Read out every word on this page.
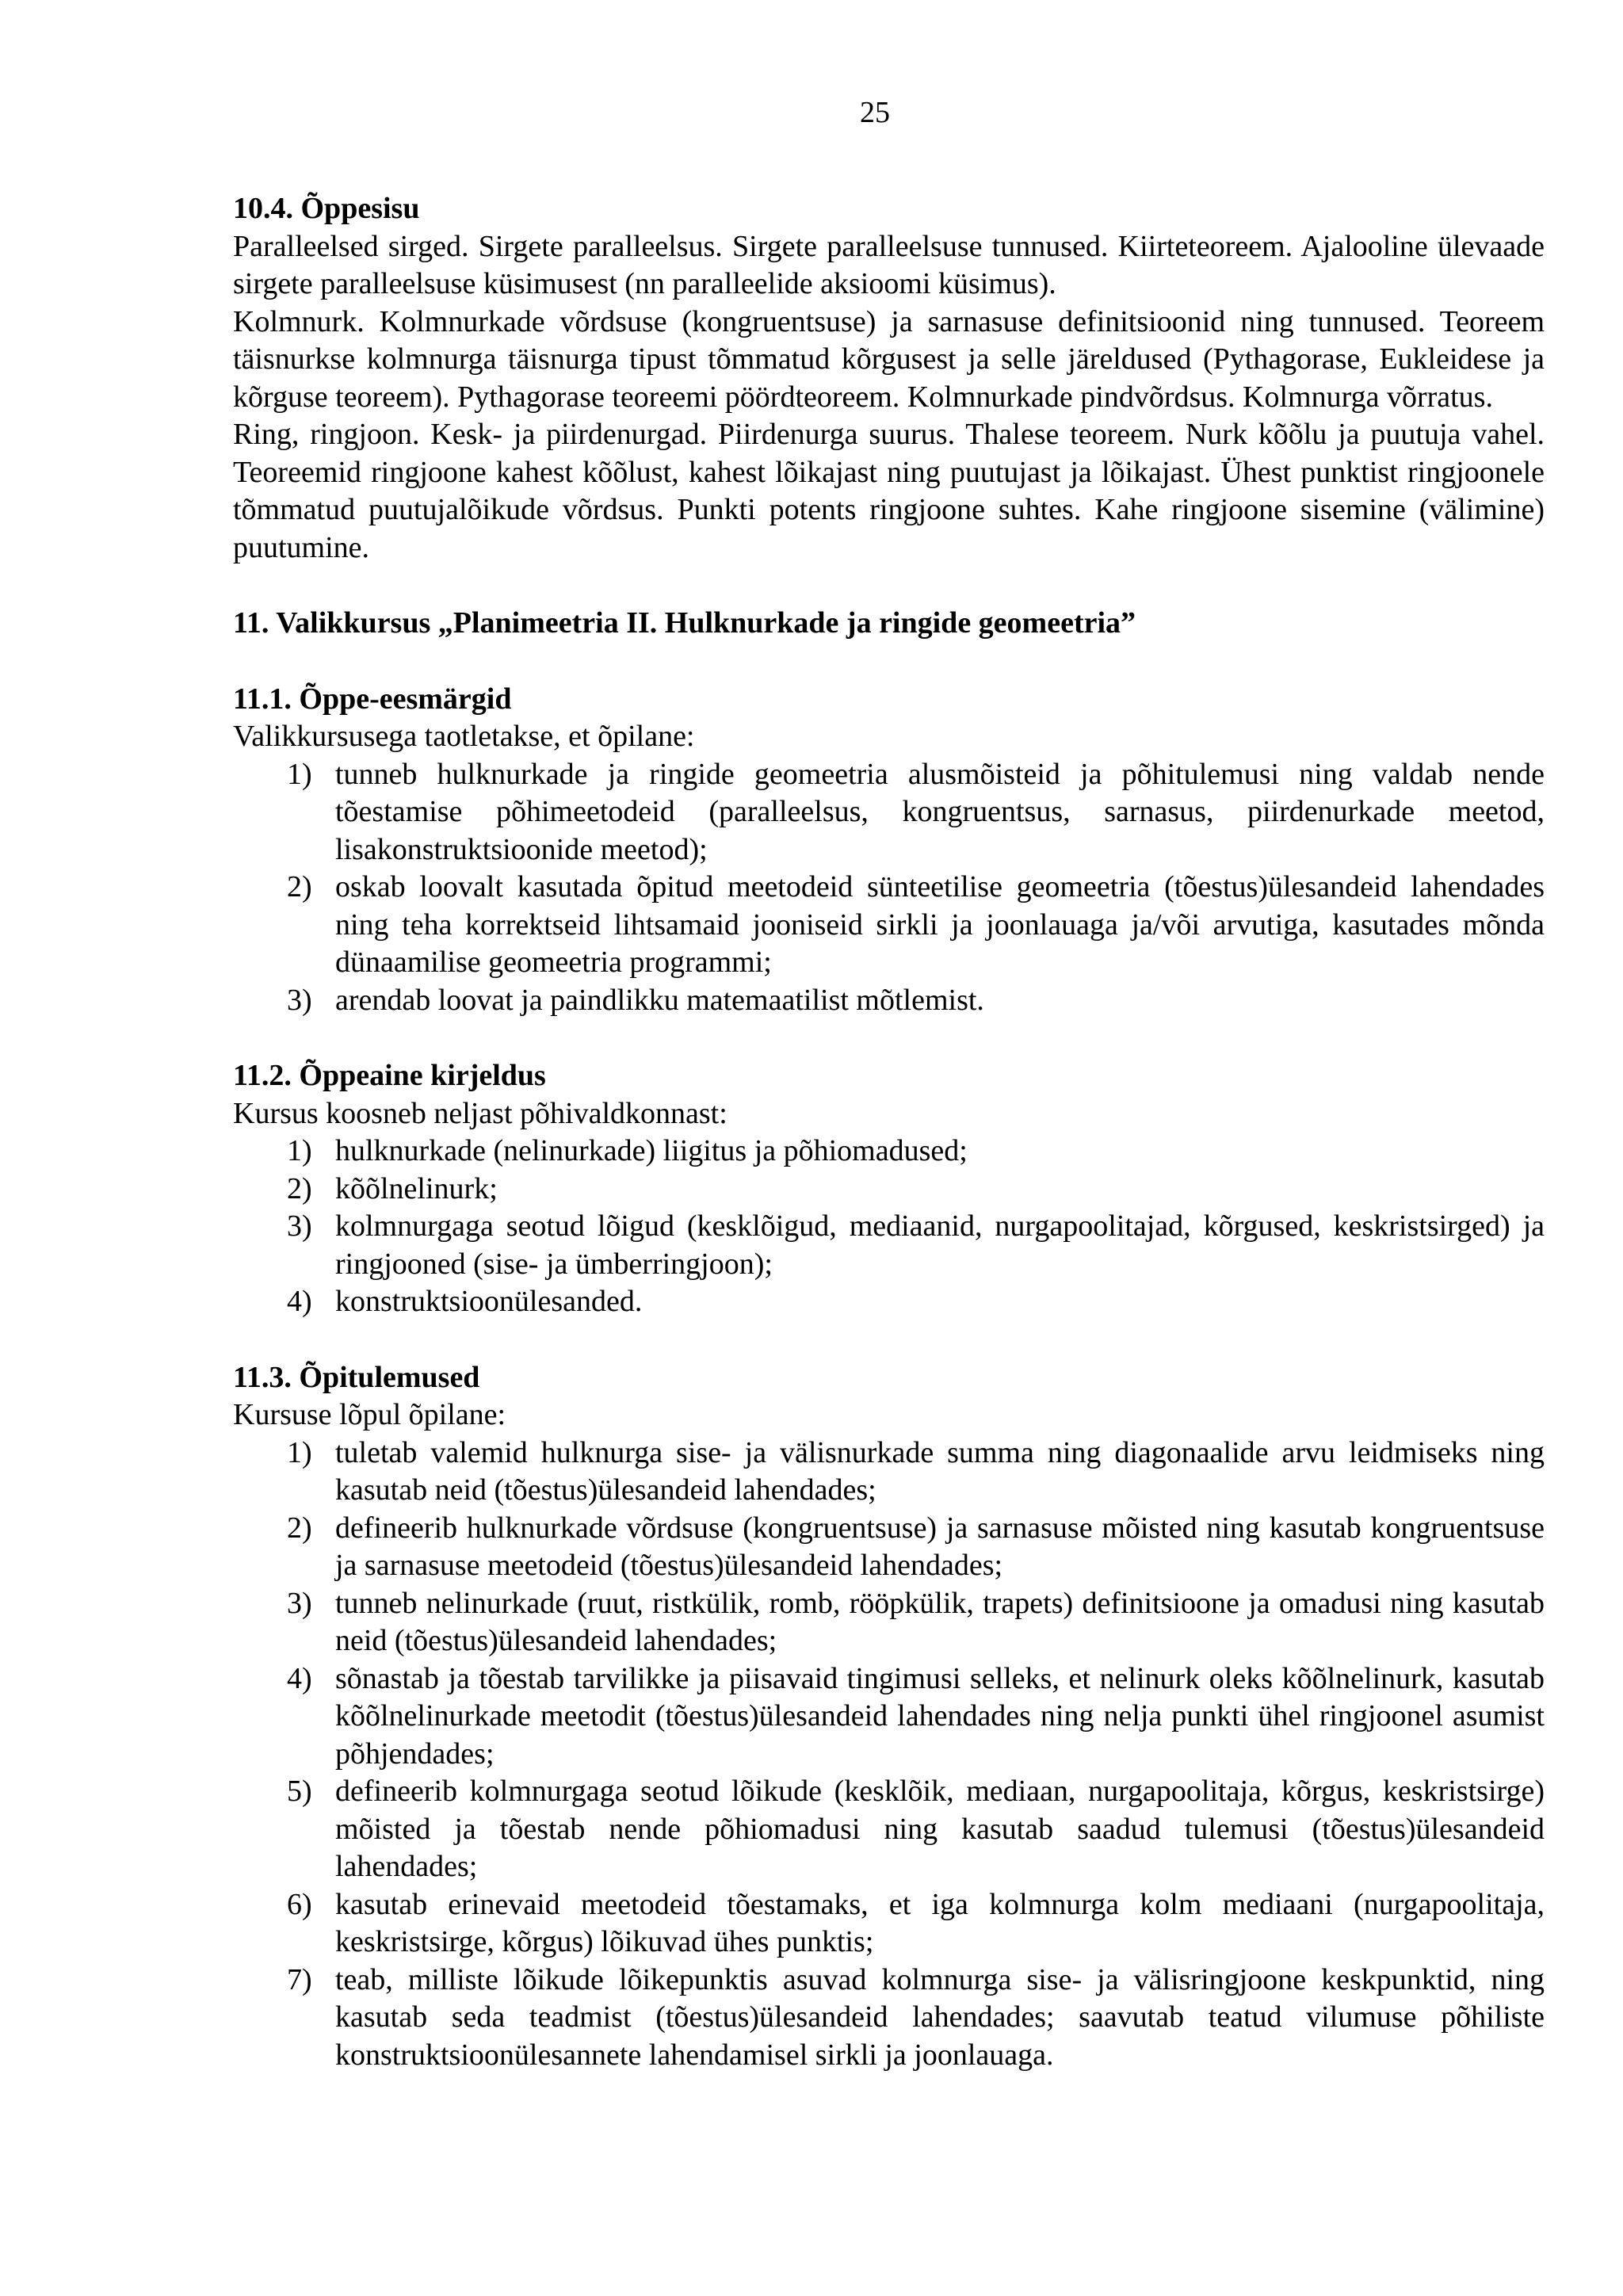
25
10.4. Õppesisu

Paralleelsed sirged. Sirgete paralleelsus. Sirgete paralleelsuse tunnused. Kiirteteoreem. Ajalooline ülevaade sirgete paralleelsuse küsimusest (nn paralleelide aksioomi küsimus).

Kolmnurk. Kolmnurkade võrdsuse (kongruentsuse) ja sarnasuse definitsioonid ning tunnused. Teoreem täisnurkse kolmnurga täisnurga tipust tõmmatud kõrgusest ja selle järeldused (Pythagorase, Eukleidese ja kõrguse teoreem). Pythagorase teoreemi pöördteoreem. Kolmnurkade pindvõrdsus. Kolmnurga võrratus.

Ring, ringjoon. Kesk- ja piirdenurgad. Piirdenurga suurus. Thalese teoreem. Nurk kõõlu ja puutuja vahel. Teoreemid ringjoone kahest kõõlust, kahest lõikajast ning puutujast ja lõikajast. Ühest punktist ringjoonele tõmmatud puutujalõikude võrdsus. Punkti potents ringjoone suhtes. Kahe ringjoone sisemine (välimine) puutumine.

11. Valikkursus „Planimeetria II. Hulknurkade ja ringide geomeetria”
11.1. Õppe-eesmärgid

Valikkursusega taotletakse, et õpilane:

1) tunneb hulknurkade ja ringide geomeetria alusmõisteid ja põhitulemusi ning valdab nende tõestamise põhimeetodeid (paralleelsus, kongruentsus, sarnasus, piirdenurkade meetod, lisakonstruktsioonide meetod);
2) oskab loovalt kasutada õpitud meetodeid sünteetilise geomeetria (tõestus)ülesandeid lahendades ning teha korrektseid lihtsamaid jooniseid sirkli ja joonlauaga ja/või arvutiga, kasutades mõnda dünaamilise geomeetria programmi;
3) arendab loovat ja paindlikku matemaatilist mõtlemist.
11.2. Õppeaine kirjeldus

Kursus koosneb neljast põhivaldkonnast:

1) hulknurkade (nelinurkade) liigitus ja põhiomadused;
2) kõõlnelinurk;
3) kolmnurgaga seotud lõigud (kesklõigud, mediaanid, nurgapoolitajad, kõrgused, keskristsirged) ja ringjooned (sise- ja ümberringjoon);
4) konstruktsioonülesanded.
11.3. Õpitulemused

Kursuse lõpul õpilane:

1) tuletab valemid hulknurga sise- ja välisnurkade summa ning diagonaalide arvu leidmiseks ning kasutab neid (tõestus)ülesandeid lahendades;
2) defineerib hulknurkade võrdsuse (kongruentsuse) ja sarnasuse mõisted ning kasutab kongruentsuse ja sarnasuse meetodeid (tõestus)ülesandeid lahendades;
3) tunneb nelinurkade (ruut, ristkülik, romb, rööpkülik, trapets) definitsioone ja omadusi ning kasutab neid (tõestus)ülesandeid lahendades;
4) sõnastab ja tõestab tarvilikke ja piisavaid tingimusi selleks, et nelinurk oleks kõõlnelinurk, kasutab kõõlnelinurkade meetodit (tõestus)ülesandeid lahendades ning nelja punkti ühel ringjoonel asumist põhjendades;
5) defineerib kolmnurgaga seotud lõikude (kesklõik, mediaan, nurgapoolitaja, kõrgus, keskristsirge) mõisted ja tõestab nende põhiomadusi ning kasutab saadud tulemusi (tõestus)ülesandeid lahendades;
6) kasutab erinevaid meetodeid tõestamaks, et iga kolmnurga kolm mediaani (nurgapoolitaja, keskristsirge, kõrgus) lõikuvad ühes punktis;
7) teab, milliste lõikude lõikepunktis asuvad kolmnurga sise- ja välisringjoone keskpunktid, ning kasutab seda teadmist (tõestus)ülesandeid lahendades; saavutab teatud vilumuse põhiliste konstruktsioonülesannete lahendamisel sirkli ja joonlauaga.
